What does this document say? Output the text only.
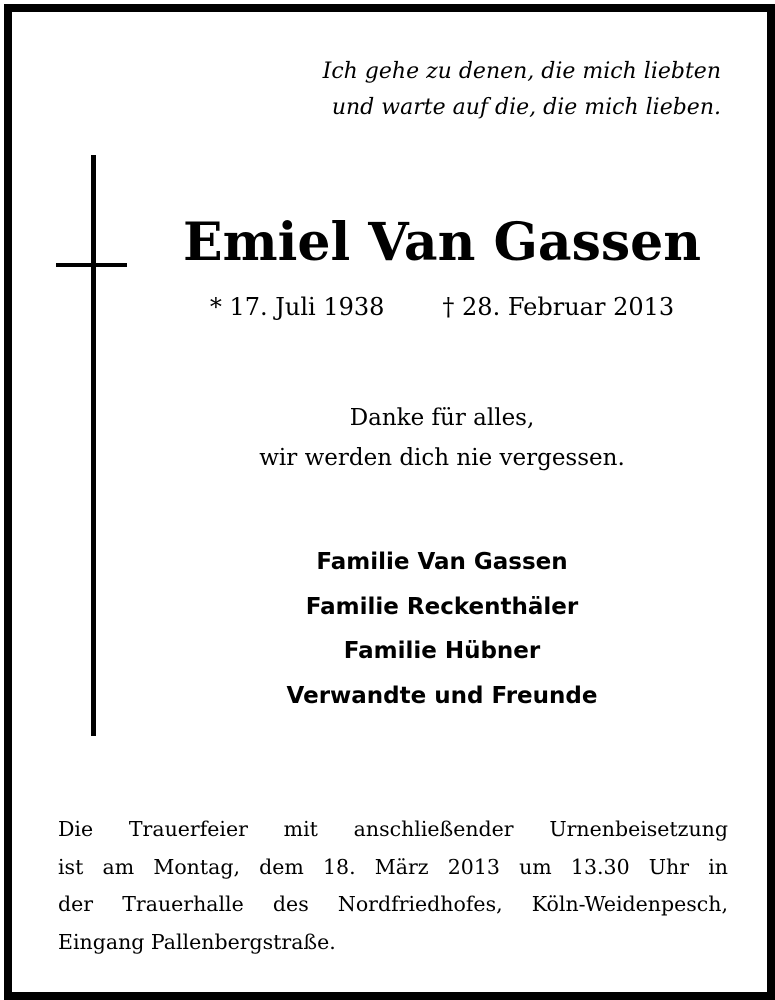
Ich gehe zu denen, die mich liebten
und warte auf die, die mich lieben.
Emiel Van Gassen
* 17. Juli 1938 † 28. Februar 2013
Danke für alles,
wir werden dich nie vergessen.
Familie Van Gassen
Familie Reckenthäler
Familie Hübner
Verwandte und Freunde
Die Trauerfeier mit anschließender Urnenbeisetzung
ist am Montag, dem 18. März 2013 um 13.30 Uhr in
der Trauerhalle des Nordfriedhofes, Köln-Weidenpesch,
Eingang Pallenbergstraße.
